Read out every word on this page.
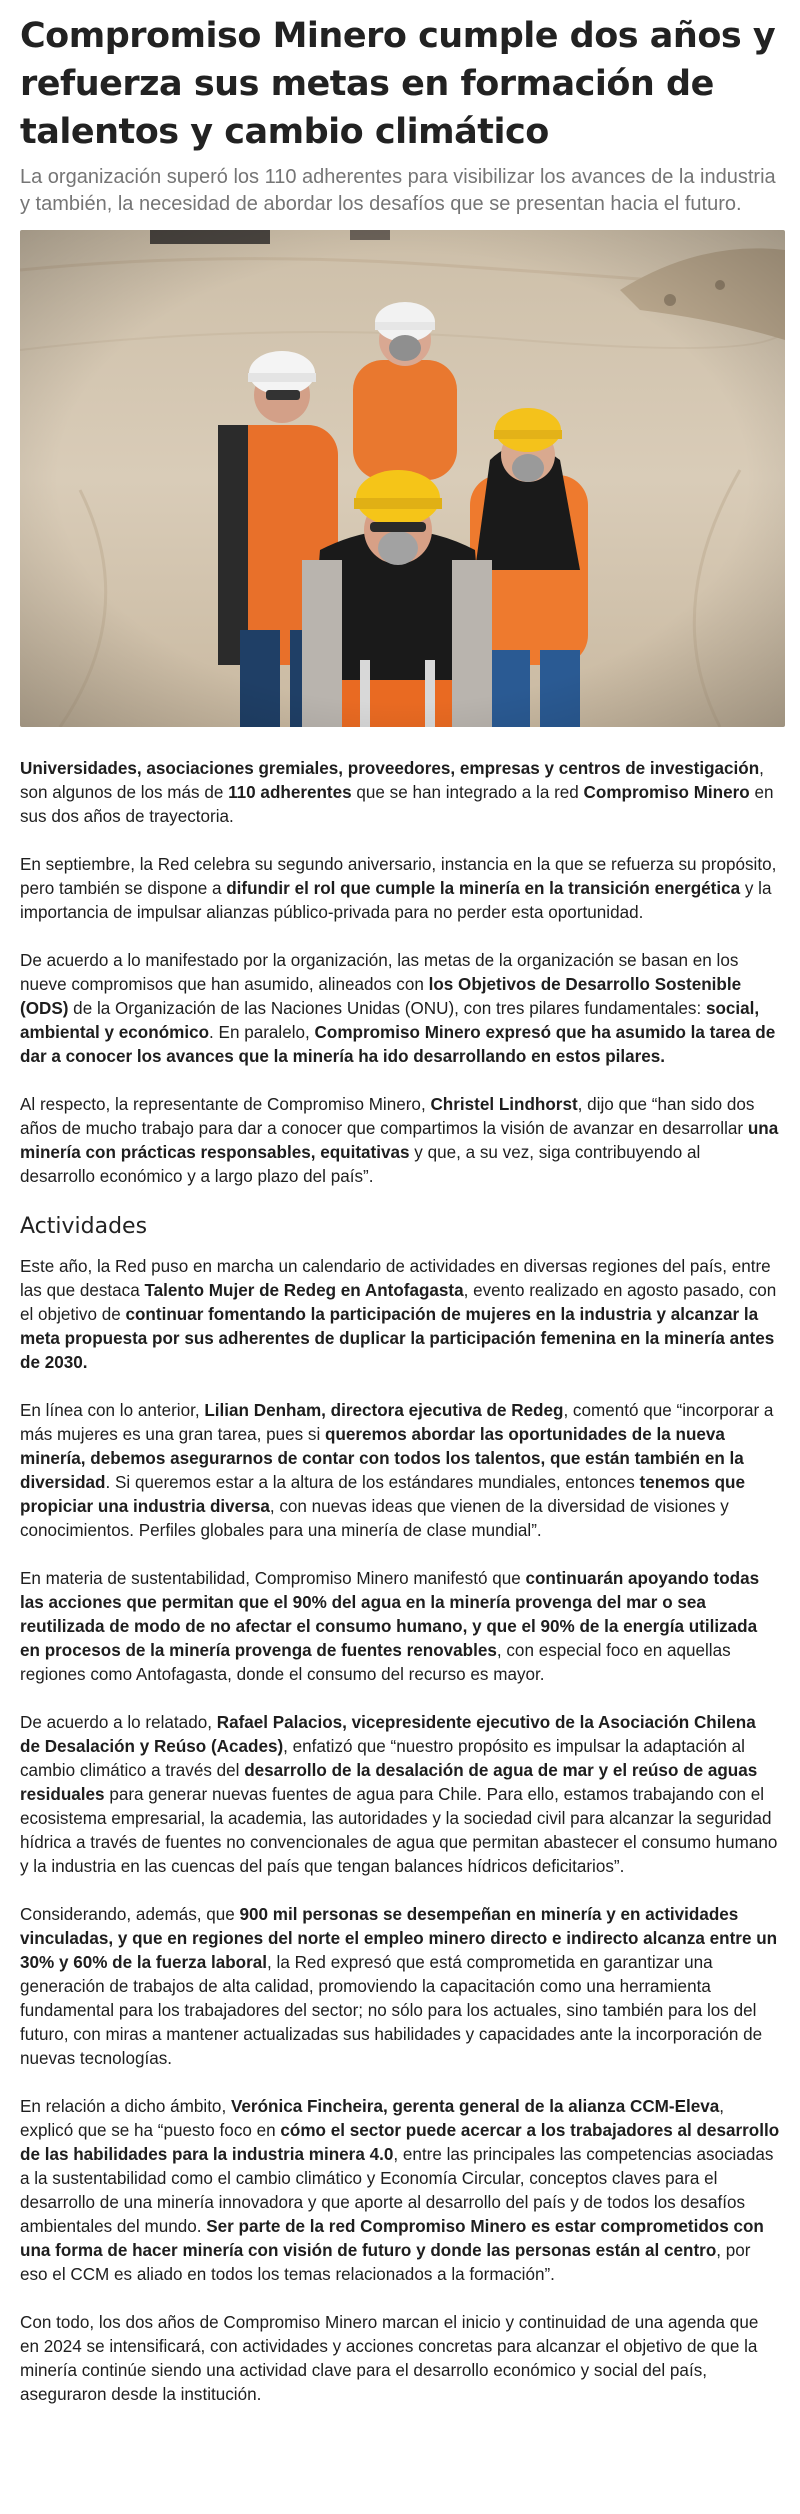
Compromiso Minero cumple dos años y refuerza sus metas en formación de talentos y cambio climático
La organización superó los 110 adherentes para visibilizar los avances de la industria y también, la necesidad de abordar los desafíos que se presentan hacia el futuro.

Universidades, asociaciones gremiales, proveedores, empresas y centros de investigación, son algunos de los más de 110 adherentes que se han integrado a la red Compromiso Minero en sus dos años de trayectoria.

En septiembre, la Red celebra su segundo aniversario, instancia en la que se refuerza su propósito, pero también se dispone a difundir el rol que cumple la minería en la transición energética y la importancia de impulsar alianzas público-privada para no perder esta oportunidad.

De acuerdo a lo manifestado por la organización, las metas de la organización se basan en los nueve compromisos que han asumido, alineados con los Objetivos de Desarrollo Sostenible (ODS) de la Organización de las Naciones Unidas (ONU), con tres pilares fundamentales: social, ambiental y económico. En paralelo, Compromiso Minero expresó que ha asumido la tarea de dar a conocer los avances que la minería ha ido desarrollando en estos pilares.

Al respecto, la representante de Compromiso Minero, Christel Lindhorst, dijo que “han sido dos años de mucho trabajo para dar a conocer que compartimos la visión de avanzar en desarrollar una minería con prácticas responsables, equitativas y que, a su vez, siga contribuyendo al desarrollo económico y a largo plazo del país”.

Actividades

Este año, la Red puso en marcha un calendario de actividades en diversas regiones del país, entre las que destaca Talento Mujer de Redeg en Antofagasta, evento realizado en agosto pasado, con el objetivo de continuar fomentando la participación de mujeres en la industria y alcanzar la meta propuesta por sus adherentes de duplicar la participación femenina en la minería antes de 2030.

En línea con lo anterior, Lilian Denham, directora ejecutiva de Redeg, comentó que “incorporar a más mujeres es una gran tarea, pues si queremos abordar las oportunidades de la nueva minería, debemos asegurarnos de contar con todos los talentos, que están también en la diversidad. Si queremos estar a la altura de los estándares mundiales, entonces tenemos que propiciar una industria diversa, con nuevas ideas que vienen de la diversidad de visiones y conocimientos. Perfiles globales para una minería de clase mundial”.

En materia de sustentabilidad, Compromiso Minero manifestó que continuarán apoyando todas las acciones que permitan que el 90% del agua en la minería provenga del mar o sea reutilizada de modo de no afectar el consumo humano, y que el 90% de la energía utilizada en procesos de la minería provenga de fuentes renovables, con especial foco en aquellas regiones como Antofagasta, donde el consumo del recurso es mayor.

De acuerdo a lo relatado, Rafael Palacios, vicepresidente ejecutivo de la Asociación Chilena de Desalación y Reúso (Acades), enfatizó que “nuestro propósito es impulsar la adaptación al cambio climático a través del desarrollo de la desalación de agua de mar y el reúso de aguas residuales para generar nuevas fuentes de agua para Chile. Para ello, estamos trabajando con el ecosistema empresarial, la academia, las autoridades y la sociedad civil para alcanzar la seguridad hídrica a través de fuentes no convencionales de agua que permitan abastecer el consumo humano y la industria en las cuencas del país que tengan balances hídricos deficitarios”.

Considerando, además, que 900 mil personas se desempeñan en minería y en actividades vinculadas, y que en regiones del norte el empleo minero directo e indirecto alcanza entre un 30% y 60% de la fuerza laboral, la Red expresó que está comprometida en garantizar una generación de trabajos de alta calidad, promoviendo la capacitación como una herramienta fundamental para los trabajadores del sector; no sólo para los actuales, sino también para los del futuro, con miras a mantener actualizadas sus habilidades y capacidades ante la incorporación de nuevas tecnologías.

En relación a dicho ámbito, Verónica Fincheira, gerenta general de la alianza CCM-Eleva, explicó que se ha “puesto foco en cómo el sector puede acercar a los trabajadores al desarrollo de las habilidades para la industria minera 4.0, entre las principales las competencias asociadas a la sustentabilidad como el cambio climático y Economía Circular, conceptos claves para el desarrollo de una minería innovadora y que aporte al desarrollo del país y de todos los desafíos ambientales del mundo. Ser parte de la red Compromiso Minero es estar comprometidos con una forma de hacer minería con visión de futuro y donde las personas están al centro, por eso el CCM es aliado en todos los temas relacionados a la formación”.

Con todo, los dos años de Compromiso Minero marcan el inicio y continuidad de una agenda que en 2024 se intensificará, con actividades y acciones concretas para alcanzar el objetivo de que la minería continúe siendo una actividad clave para el desarrollo económico y social del país, aseguraron desde la institución.
